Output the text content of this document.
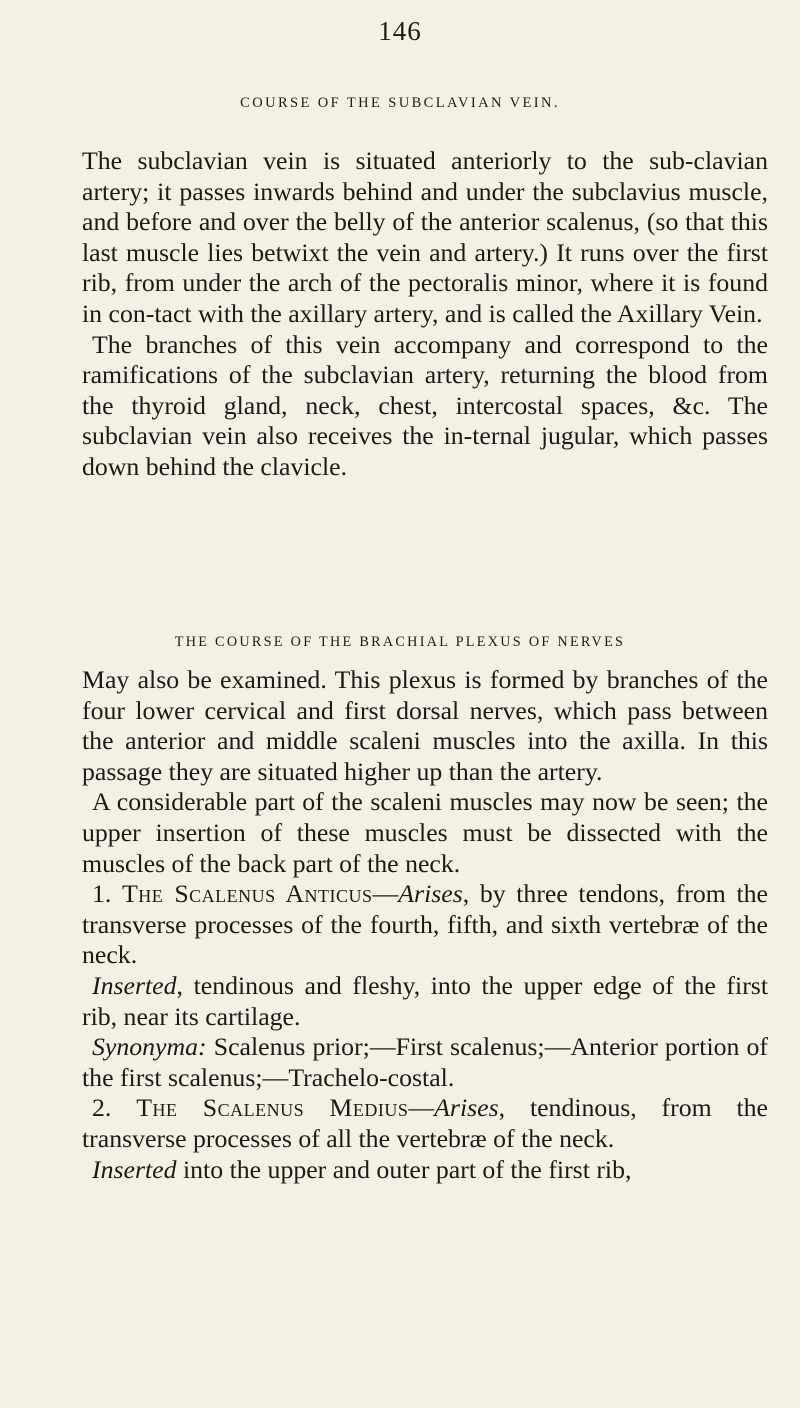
146
COURSE OF THE SUBCLAVIAN VEIN.

The subclavian vein is situated anteriorly to the sub-clavian artery; it passes inwards behind and under the subclavius muscle, and before and over the belly of the anterior scalenus, (so that this last muscle lies betwixt the vein and artery.) It runs over the first rib, from under the arch of the pectoralis minor, where it is found in con-tact with the axillary artery, and is called the Axillary Vein.

The branches of this vein accompany and correspond to the ramifications of the subclavian artery, returning the blood from the thyroid gland, neck, chest, intercostal spaces, &c. The subclavian vein also receives the in-ternal jugular, which passes down behind the clavicle.

THE COURSE OF THE BRACHIAL PLEXUS OF NERVES

May also be examined. This plexus is formed by branches of the four lower cervical and first dorsal nerves, which pass between the anterior and middle scaleni muscles into the axilla. In this passage they are situated higher up than the artery.

A considerable part of the scaleni muscles may now be seen; the upper insertion of these muscles must be dissected with the muscles of the back part of the neck.

1. The Scalenus Anticus—Arises, by three tendons, from the transverse processes of the fourth, fifth, and sixth vertebræ of the neck.

Inserted, tendinous and fleshy, into the upper edge of the first rib, near its cartilage.

Synonyma: Scalenus prior;—First scalenus;—Anterior portion of the first scalenus;—Trachelo-costal.

2. The Scalenus Medius—Arises, tendinous, from the transverse processes of all the vertebræ of the neck.

Inserted into the upper and outer part of the first rib,
